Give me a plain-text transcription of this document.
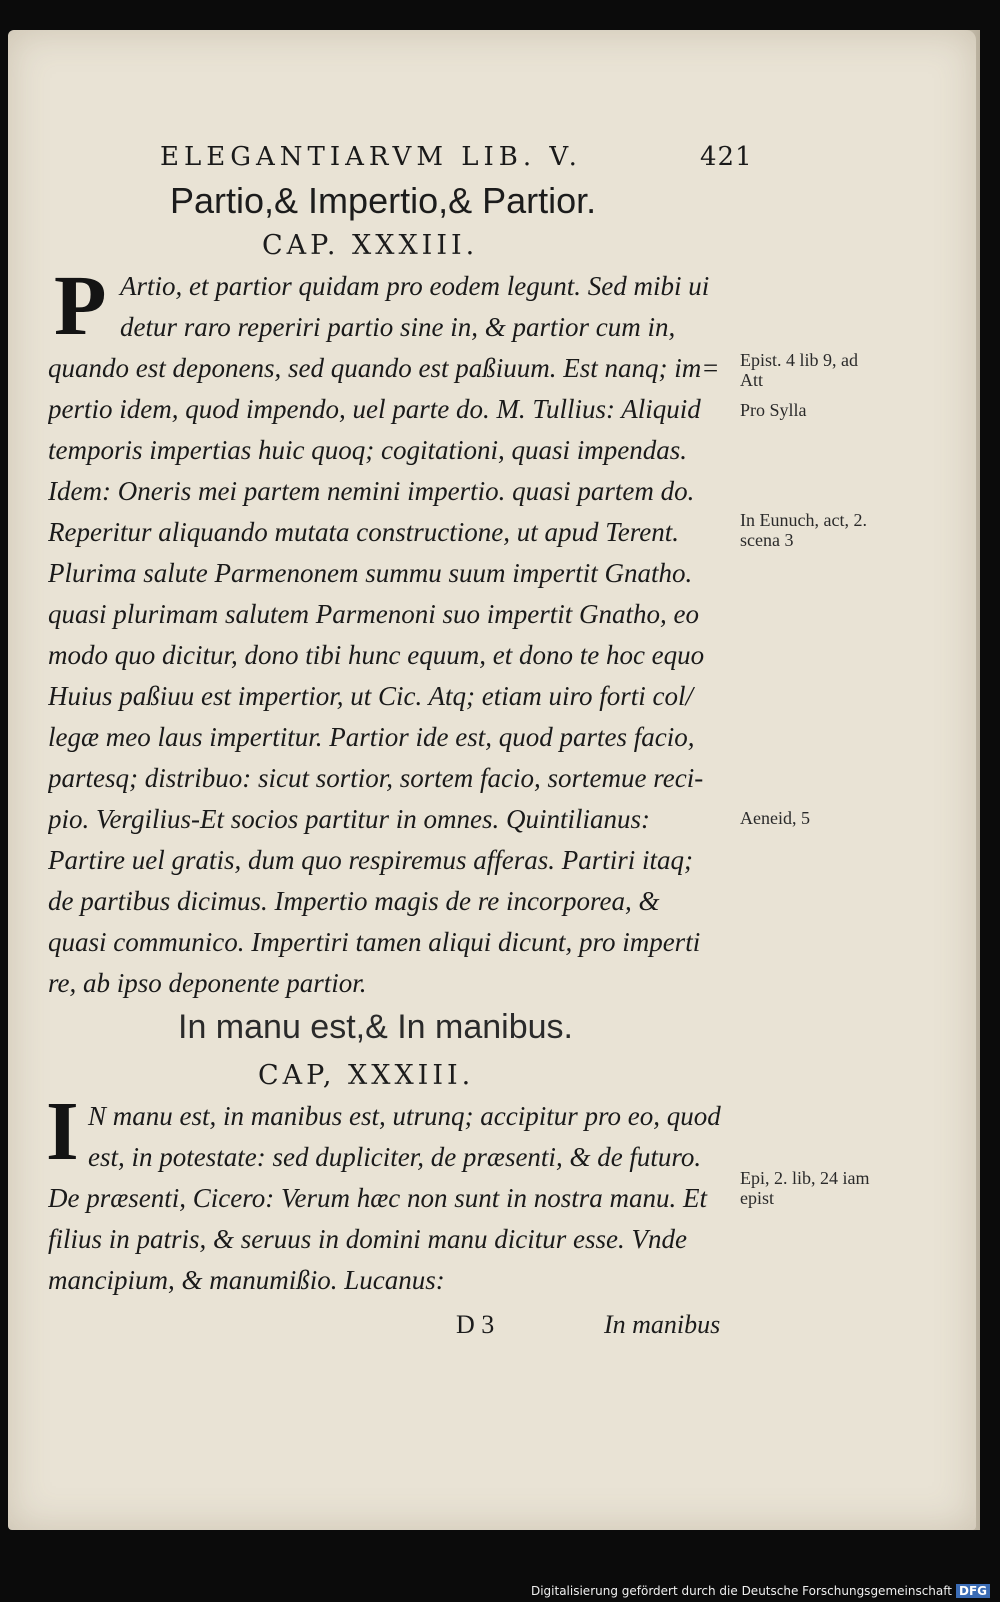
ELEGANTIARVM LIB. V.	421
Partio,& Impertio,& Partior.
CAP. XXXIII.
P Artio, et partior quidam pro eodem legunt. Sed mibi ui
detur raro reperiri partio sine in, & partior cum in,
quando est deponens, sed quando est paßiuum. Est nanq; im=
pertio idem, quod impendo, uel parte do. M. Tullius: Aliquid
temporis impertias huic quoq; cogitationi, quasi impendas.
Idem: Oneris mei partem nemini impertio. quasi partem do.
Reperitur aliquando mutata constructione, ut apud Terent.
Plurima salute Parmenonem summu suum impertit Gnatho.
quasi plurimam salutem Parmenoni suo impertit Gnatho, eo
modo quo dicitur, dono tibi hunc equum, et dono te hoc equo
Huius paßiuu est impertior, ut Cic. Atq; etiam uiro forti col/
legæ meo laus impertitur. Partior ide est, quod partes facio,
partesq; distribuo: sicut sortior, sortem facio, sortemue reci-
pio. Vergilius-Et socios partitur in omnes. Quintilianus:
Partire uel gratis, dum quo respiremus afferas. Partiri itaq;
de partibus dicimus. Impertio magis de re incorporea, &
quasi communico. Impertiri tamen aliqui dicunt, pro imperti
re, ab ipso deponente partior.
Epist. 4 lib 9, ad Att
Pro Sylla
In Eunuch, act, 2. scena 3
Aeneid, 5
In manu est,& In manibus.
CAP, XXXIII.
I N manu est, in manibus est, utrunq; accipitur pro eo, quod
est, in potestate: sed dupliciter, de præsenti, & de futuro.
De præsenti, Cicero: Verum hæc non sunt in nostra manu. Et
filius in patris, & seruus in domini manu dicitur esse. Vnde
mancipium, & manumißio. Lucanus:
Epi, 2. lib, 24 iam epist
D 3	In manibus
Digitalisierung gefördert durch die Deutsche Forschungsgemeinschaft DFG
